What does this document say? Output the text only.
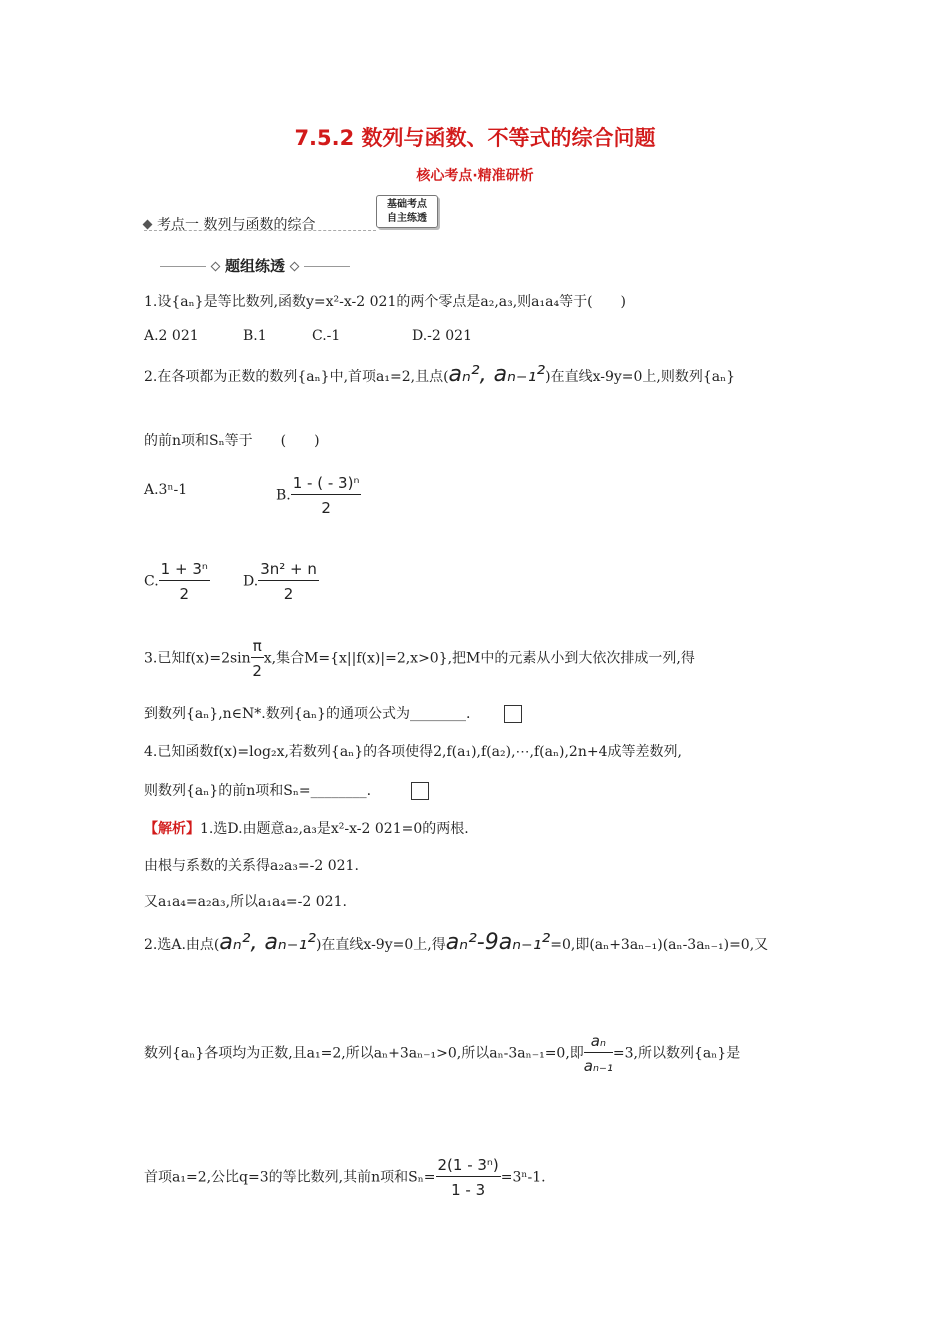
7.5.2 数列与函数、不等式的综合问题
核心考点·精准研析
考点一 数列与函数的综合
基础考点
自主练透
题组练透
1.设{aₙ}是等比数列,函数y=x²-x-2 021的两个零点是a₂,a₃,则a₁a₄等于(　　)
A.2 021	B.1	C.-1	D.-2 021
2.在各项都为正数的数列{aₙ}中,首项a₁=2,且点(aₙ², aₙ₋₁²)在直线x-9y=0上,则数列{aₙ}
的前n项和Sₙ等于　　(　　)
A.3ⁿ-1	B. $\frac{\text{1 - ( - 3)ⁿ}}{2}$
C. $\frac{\text{1 + 3ⁿ}}{2} D$. $\frac{\text{3n² + n}}{2}$
3.已知$f(x)=2\sin \frac{\pi}{2} x$,集合M={x||f(x)|=2,x>0},把M中的元素从小到大依次排成一列,得
到数列{aₙ},n∈N*.数列{aₙ}的通项公式为________.
4.已知函数f(x)=log₂x,若数列{aₙ}的各项使得2,f(a₁),f(a₂),⋯,f(aₙ),2n+4成等差数列,
则数列{aₙ}的前n项和Sₙ=________.
【解析】1.选D.由题意a₂,a₃是x²-x-2 021=0的两根.
由根与系数的关系得a₂a₃=-2 021.
又a₁a₄=a₂a₃,所以a₁a₄=-2 021.
2.选A.由点(aₙ², aₙ₋₁²)在直线x-9y=0上,得aₙ²-9aₙ₋₁²=0,即(aₙ+3aₙ₋₁)(aₙ-3aₙ₋₁)=0,又
数列{aₙ}各项均为正数,且a₁=2,所以aₙ+3aₙ₋₁>0,所以aₙ-3aₙ₋₁=0,即 $\frac{\text{aₙ}}{\text{aₙ₋₁}} =3$,所以数列{aₙ}是
首项a₁=2,公比q=3的等比数列,其前n项和$S_n= \frac{\text{2(1 - 3ⁿ)}}{1 - 3} =3^n-1$.
